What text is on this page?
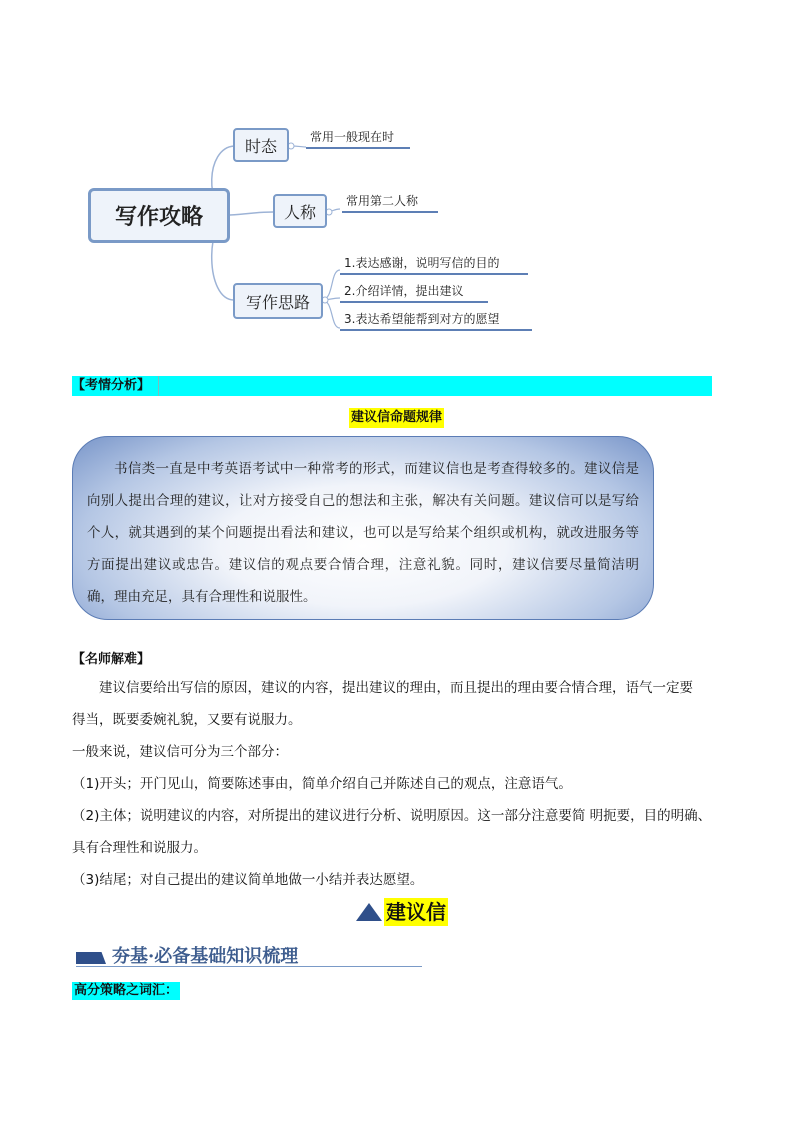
写作攻略
时态	常用一般现在时
人称
常用第二人称
写作思路
1.表达感谢，说明写信的目的
2.介绍详情，提出建议
3.表达希望能帮到对方的愿望
【考情分析】
建议信命题规律

书信类一直是中考英语考试中一种常考的形式，而建议信也是考查得较多的。建议信是向别人提出合理的建议，让对方接受自己的想法和主张，解决有关问题。建议信可以是写给个人，就其遇到的某个问题提出看法和建议，也可以是写给某个组织或机构，就改进服务等方面提出建议或忠告。建议信的观点要合情合理，注意礼貌。同时，建议信要尽量简洁明确，理由充足，具有合理性和说服性。

【名师解难】
建议信要给出写信的原因，建议的内容，提出建议的理由，而且提出的理由要合情合理，语气一定要
得当，既要委婉礼貌，又要有说服力。
一般来说，建议信可分为三个部分：
（1)开头；开门见山，简要陈述事由，简单介绍自己并陈述自己的观点，注意语气。
（2)主体；说明建议的内容，对所提出的建议进行分析、说明原因。这一部分注意要简 明扼要，目的明确、
具有合理性和说服力。
（3)结尾；对自己提出的建议简单地做一小结并表达愿望。
建议信
夯基·必备基础知识梳理
高分策略之词汇：
